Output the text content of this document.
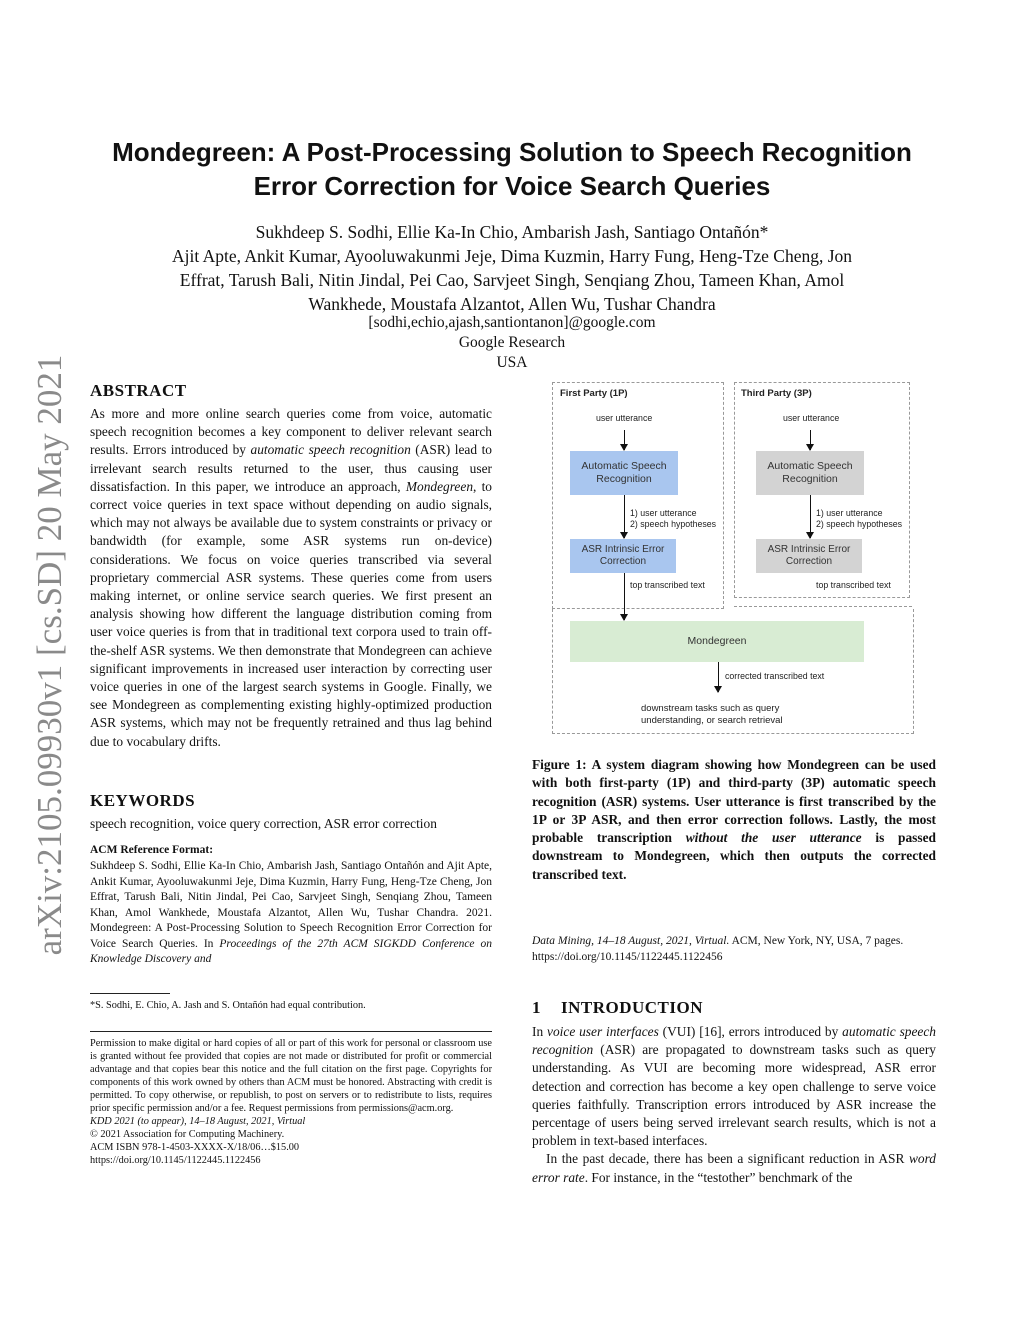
arXiv:2105.09930v1 [cs.SD] 20 May 2021
Mondegreen: A Post-Processing Solution to Speech Recognition
Error Correction for Voice Search Queries
Sukhdeep S. Sodhi, Ellie Ka-In Chio, Ambarish Jash, Santiago Ontañón*
Ajit Apte, Ankit Kumar, Ayooluwakunmi Jeje, Dima Kuzmin, Harry Fung, Heng-Tze Cheng, Jon
Effrat, Tarush Bali, Nitin Jindal, Pei Cao, Sarvjeet Singh, Senqiang Zhou, Tameen Khan, Amol
Wankhede, Moustafa Alzantot, Allen Wu, Tushar Chandra
[sodhi,echio,ajash,santiontanon]@google.com
Google Research
USA
ABSTRACT
As more and more online search queries come from voice, automatic speech recognition becomes a key component to deliver relevant search results. Errors introduced by automatic speech recognition (ASR) lead to irrelevant search results returned to the user, thus causing user dissatisfaction. In this paper, we introduce an approach, Mondegreen, to correct voice queries in text space without depending on audio signals, which may not always be available due to system constraints or privacy or bandwidth (for example, some ASR systems run on-device) considerations. We focus on voice queries transcribed via several proprietary commercial ASR systems. These queries come from users making internet, or online service search queries. We first present an analysis showing how different the language distribution coming from user voice queries is from that in traditional text corpora used to train off-the-shelf ASR systems. We then demonstrate that Mondegreen can achieve significant improvements in increased user interaction by correcting user voice queries in one of the largest search systems in Google. Finally, we see Mondegreen as complementing existing highly-optimized production ASR systems, which may not be frequently retrained and thus lag behind due to vocabulary drifts.
KEYWORDS
speech recognition, voice query correction, ASR error correction
ACM Reference Format:
Sukhdeep S. Sodhi, Ellie Ka-In Chio, Ambarish Jash, Santiago Ontañón and Ajit Apte, Ankit Kumar, Ayooluwakunmi Jeje, Dima Kuzmin, Harry Fung, Heng-Tze Cheng, Jon Effrat, Tarush Bali, Nitin Jindal, Pei Cao, Sarvjeet Singh, Senqiang Zhou, Tameen Khan, Amol Wankhede, Moustafa Alzantot, Allen Wu, Tushar Chandra. 2021. Mondegreen: A Post-Processing Solution to Speech Recognition Error Correction for Voice Search Queries. In Proceedings of the 27th ACM SIGKDD Conference on Knowledge Discovery and
*S. Sodhi, E. Chio, A. Jash and S. Ontañón had equal contribution.
Permission to make digital or hard copies of all or part of this work for personal or classroom use is granted without fee provided that copies are not made or distributed for profit or commercial advantage and that copies bear this notice and the full citation on the first page. Copyrights for components of this work owned by others than ACM must be honored. Abstracting with credit is permitted. To copy otherwise, or republish, to post on servers or to redistribute to lists, requires prior specific permission and/or a fee. Request permissions from permissions@acm.org.
KDD 2021 (to appear), 14–18 August, 2021, Virtual
© 2021 Association for Computing Machinery.
ACM ISBN 978-1-4503-XXXX-X/18/06…$15.00
https://doi.org/10.1145/1122445.1122456
First Party (1P)	Third Party (3P)
user utterance	user utterance
Automatic Speech Recognition
Automatic Speech Recognition
1) user utterance
2) speech hypotheses
1) user utterance
2) speech hypotheses
ASR Intrinsic Error Correction
ASR Intrinsic Error Correction
top transcribed text	top transcribed text
Mondegreen
corrected transcribed text
downstream tasks such as query understanding, or search retrieval
Figure 1: A system diagram showing how Mondegreen can be used with both first-party (1P) and third-party (3P) automatic speech recognition (ASR) systems. User utterance is first transcribed by the 1P or 3P ASR, and then error correction follows. Lastly, the most probable transcription without the user utterance is passed downstream to Mondegreen, which then outputs the corrected transcribed text.
Data Mining, 14–18 August, 2021, Virtual. ACM, New York, NY, USA, 7 pages. https://doi.org/10.1145/1122445.1122456
1 INTRODUCTION
In voice user interfaces (VUI) [16], errors introduced by automatic speech recognition (ASR) are propagated to downstream tasks such as query understanding. As VUI are becoming more widespread, ASR error detection and correction has become a key open challenge to serve voice queries faithfully. Transcription errors introduced by ASR increase the percentage of users being served irrelevant search results, which is not a problem in text-based interfaces.
In the past decade, there has been a significant reduction in ASR word error rate. For instance, in the “testother” benchmark of the
